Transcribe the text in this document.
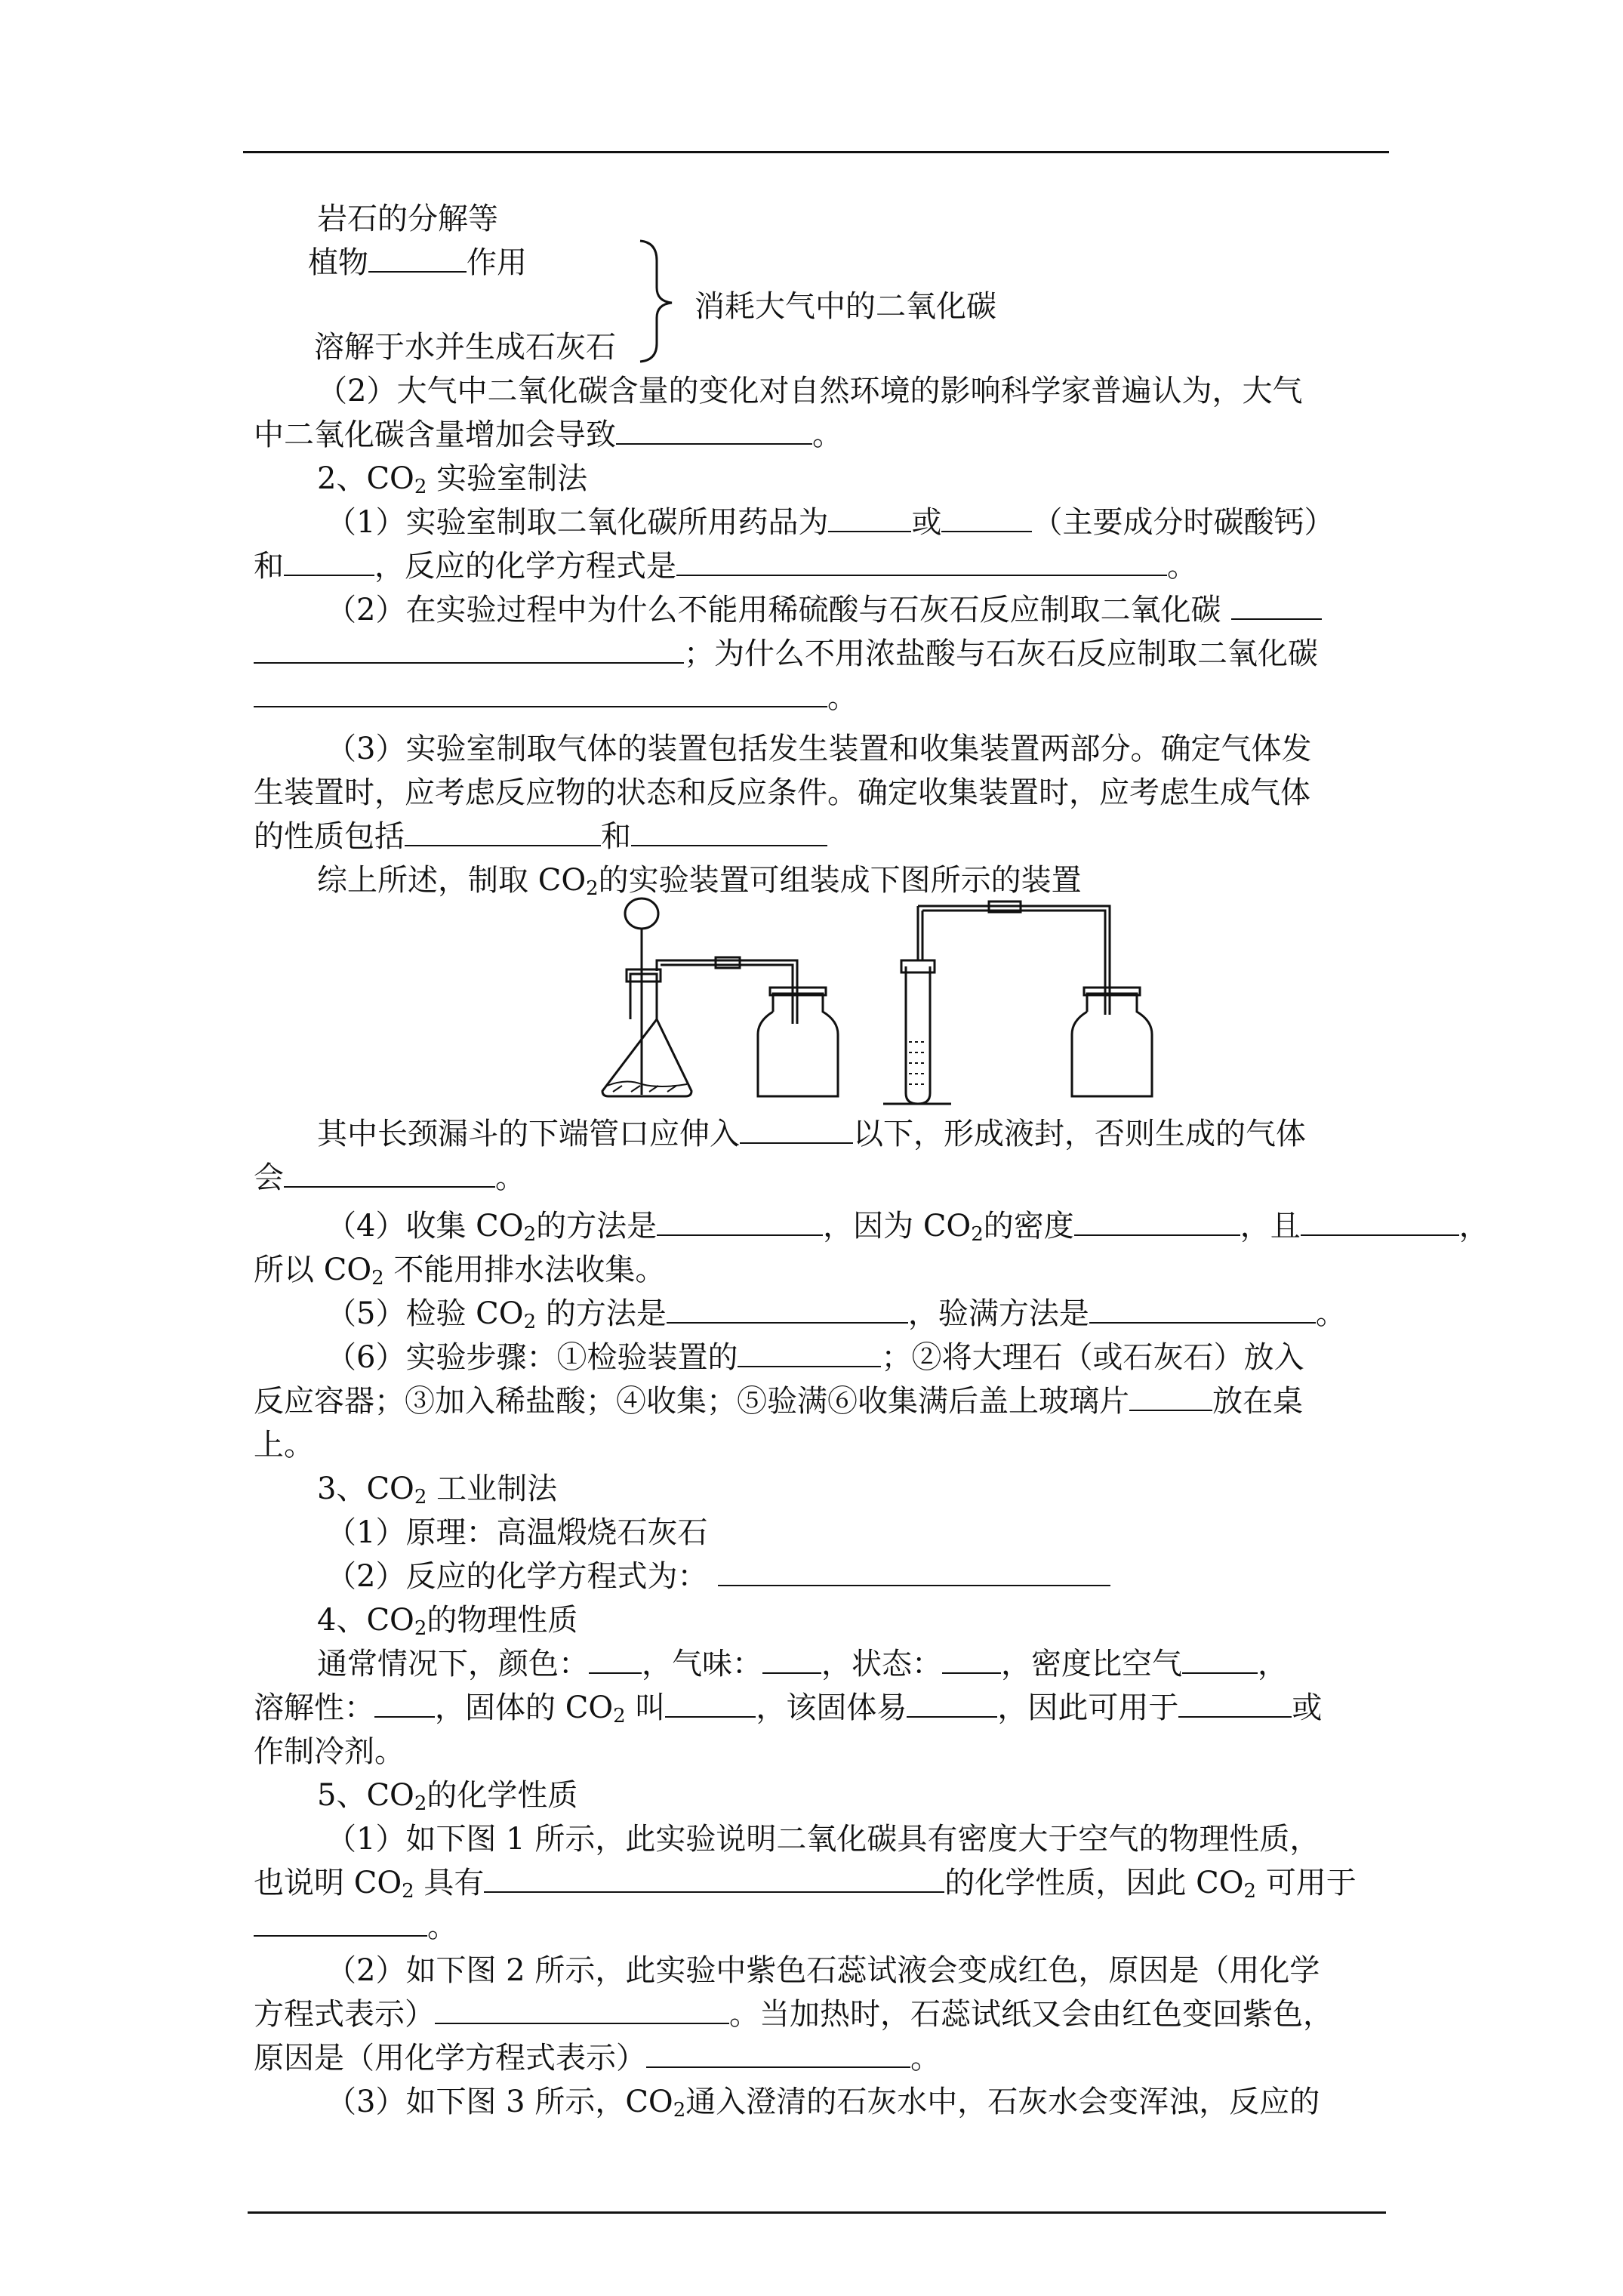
岩石的分解等
植物	作用
溶解于水并生成石灰石
消耗大气中的二氧化碳
（2）大气中二氧化碳含量的变化对自然环境的影响科学家普遍认为，大气
中二氧化碳含量增加会导致	。
2、$CO_2$ 实验室制法
（1）实验室制取二氧化碳所用药品为	或	（主要成分时碳酸钙）
和	，反应的化学方程式是	。
（2）在实验过程中为什么不能用稀硫酸与石灰石反应制取二氧化碳
；为什么不用浓盐酸与石灰石反应制取二氧化碳
。
（3）实验室制取气体的装置包括发生装置和收集装置两部分。确定气体发
生装置时，应考虑反应物的状态和反应条件。确定收集装置时，应考虑生成气体
的性质包括	和
综上所述，制取 $CO_2$的实验装置可组装成下图所示的装置
其中长颈漏斗的下端管口应伸入	以下，形成液封，否则生成的气体
会	。
（4）收集 $CO_2$的方法是	，因为 $CO_2$的密度	，且	，
所以 $CO_2$ 不能用排水法收集。
（5）检验 $CO_2$ 的方法是	，验满方法是	。
（6）实验步骤：①检验装置的	；②将大理石（或石灰石）放入
反应容器；③加入稀盐酸；④收集；⑤验满⑥收集满后盖上玻璃片	放在桌
上。
3、$CO_2$ 工业制法
（1）原理：高温煅烧石灰石
（2）反应的化学方程式为：
4、$CO_2$的物理性质
通常情况下，颜色： ，气味： ，状态： ，密度比空气	，
溶解性： ，固体的 $CO_2$ 叫	，该固体易	，因此可用于	或
作制冷剂。
5、$CO_2$的化学性质
（1）如下图 1 所示，此实验说明二氧化碳具有密度大于空气的物理性质，
也说明 $CO_2$ 具有	的化学性质，因此 $CO_2$ 可用于
。
（2）如下图 2 所示，此实验中紫色石蕊试液会变成红色，原因是（用化学
方程式表示）	。当加热时，石蕊试纸又会由红色变回紫色，
原因是（用化学方程式表示）	。
（3）如下图 3 所示，$CO_2$通入澄清的石灰水中，石灰水会变浑浊，反应的
